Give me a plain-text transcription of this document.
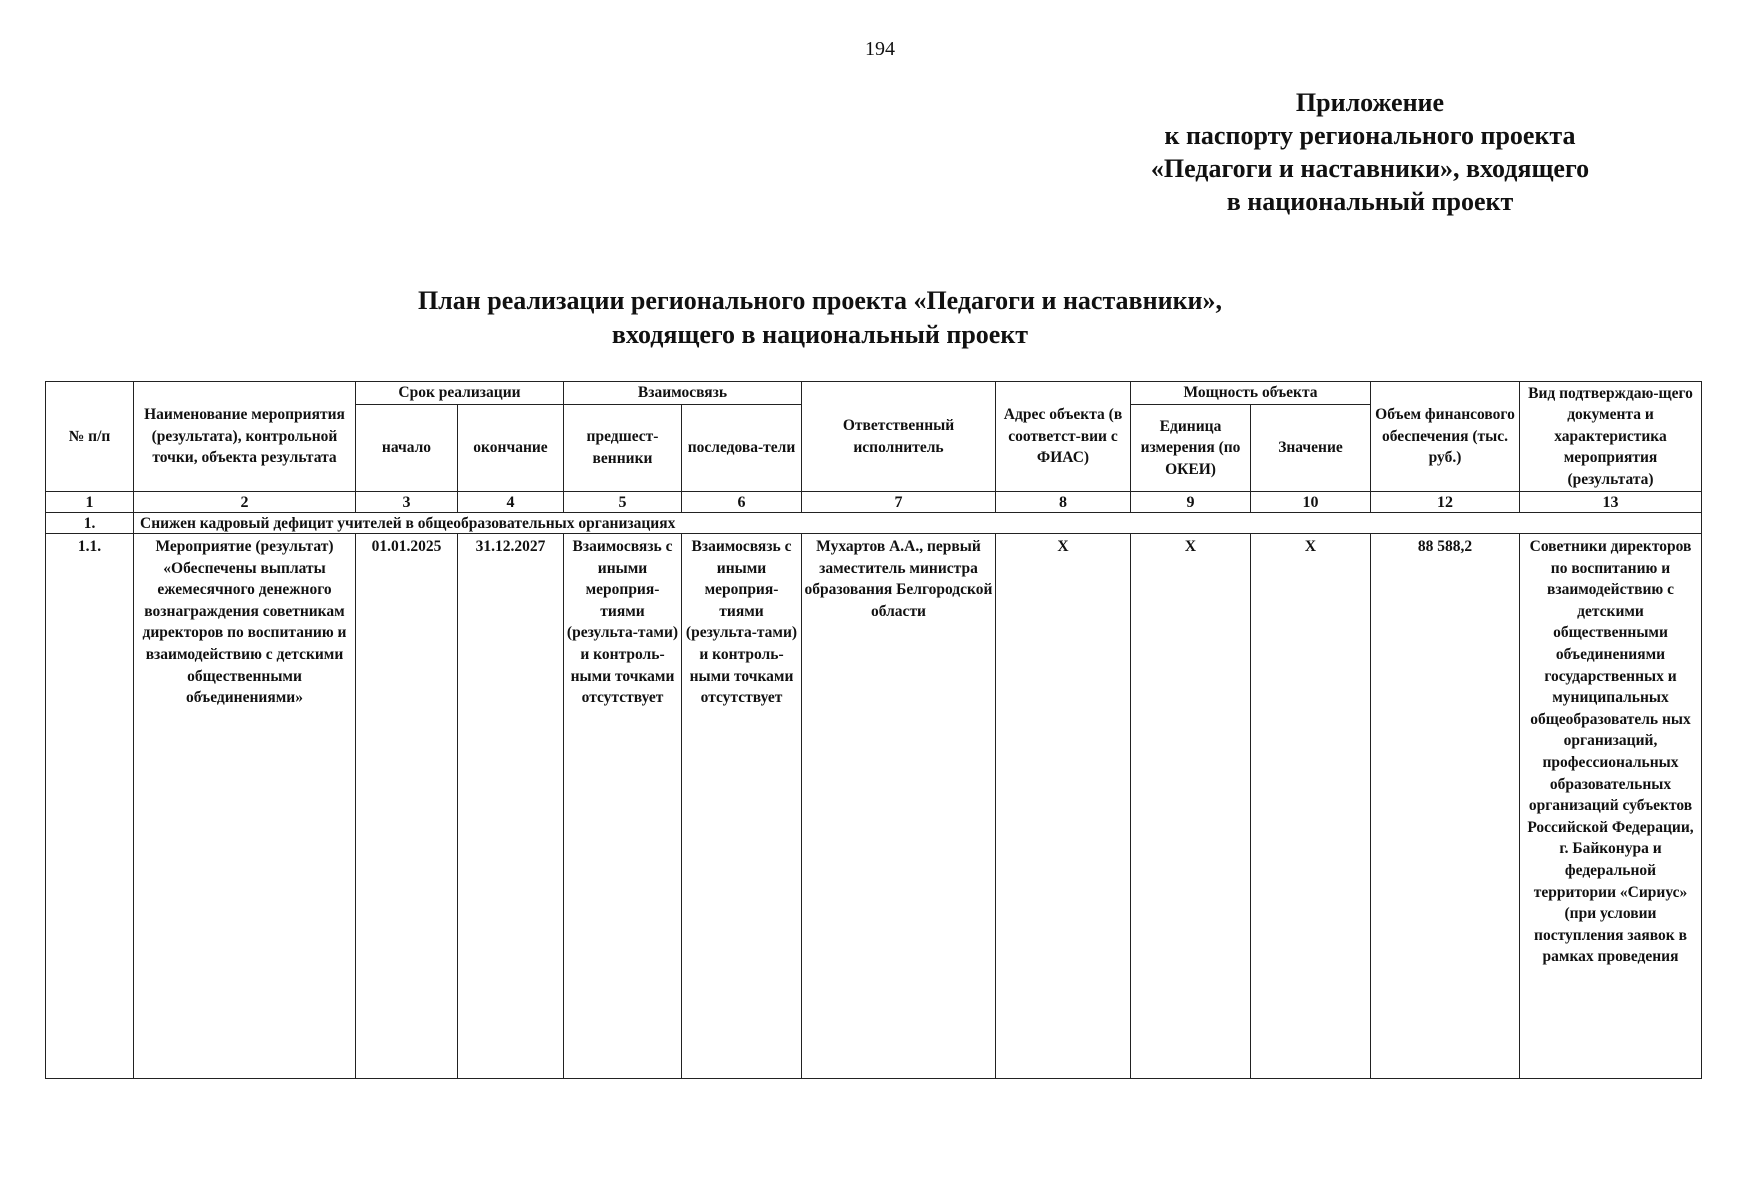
194
Приложение
к паспорту регионального проекта
«Педагоги и наставники», входящего
в национальный проект
План реализации регионального проекта «Педагоги и наставники»,
входящего в национальный проект
№ п/п	Наименование мероприятия (результата), контрольной точки, объекта результата	Срок реализации		Взаимосвязь		Ответственный исполнитель	Адрес объекта (в соответст-вии с ФИАС)	Мощность объекта		Объем финансового обеспечения (тыс. руб.)	Вид подтверждаю-щего документа и характеристика мероприятия (результата)
		начало	окончание	предшест-венники	последова-тели			Единица измерения (по ОКЕИ)	Значение		
1	2	3	4	5	6	7	8	9	10	12	13
1.	Снижен кадровый дефицит учителей в общеобразовательных организациях										
1.1.	Мероприятие (результат) «Обеспечены выплаты ежемесячного денежного вознаграждения советникам директоров по воспитанию и взаимодействию с детскими общественными объединениями»	01.01.2025	31.12.2027	Взаимосвязь с иными мероприя-тиями (результа-тами) и контроль-ными точками отсутствует	Взаимосвязь с иными мероприя-тиями (результа-тами) и контроль-ными точками отсутствует	Мухартов А.А., первый заместитель министра образования Белгородской области	Х	Х	Х	88 588,2	Советники директоров по воспитанию и взаимодействию с детскими общественными объединениями государственных и муниципальных общеобразователь ных организаций, профессиональных образовательных организаций субъектов Российской Федерации, г. Байконура и федеральной территории «Сириус» (при условии поступления заявок в рамках проведения
